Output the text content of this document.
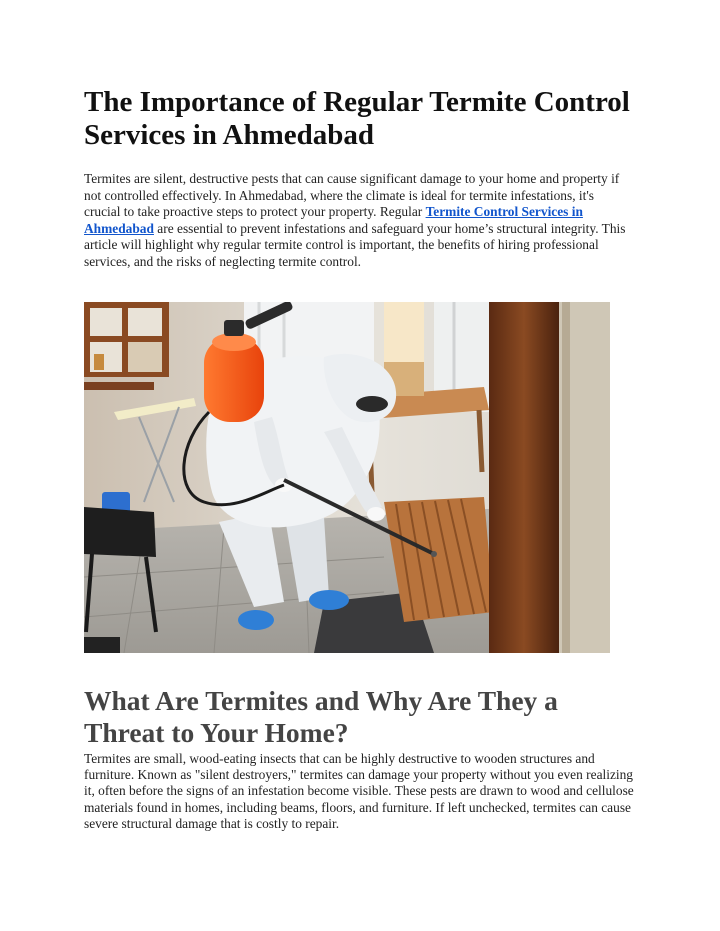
The Importance of Regular Termite Control Services in Ahmedabad

Termites are silent, destructive pests that can cause significant damage to your home and property if not controlled effectively. In Ahmedabad, where the climate is ideal for termite infestations, it's crucial to take proactive steps to protect your property. Regular Termite Control Services in Ahmedabad are essential to prevent infestations and safeguard your home’s structural integrity. This article will highlight why regular termite control is important, the benefits of hiring professional services, and the risks of neglecting termite control.

What Are Termites and Why Are They a Threat to Your Home?

Termites are small, wood-eating insects that can be highly destructive to wooden structures and furniture. Known as "silent destroyers," termites can damage your property without you even realizing it, often before the signs of an infestation become visible. These pests are drawn to wood and cellulose materials found in homes, including beams, floors, and furniture. If left unchecked, termites can cause severe structural damage that is costly to repair.
